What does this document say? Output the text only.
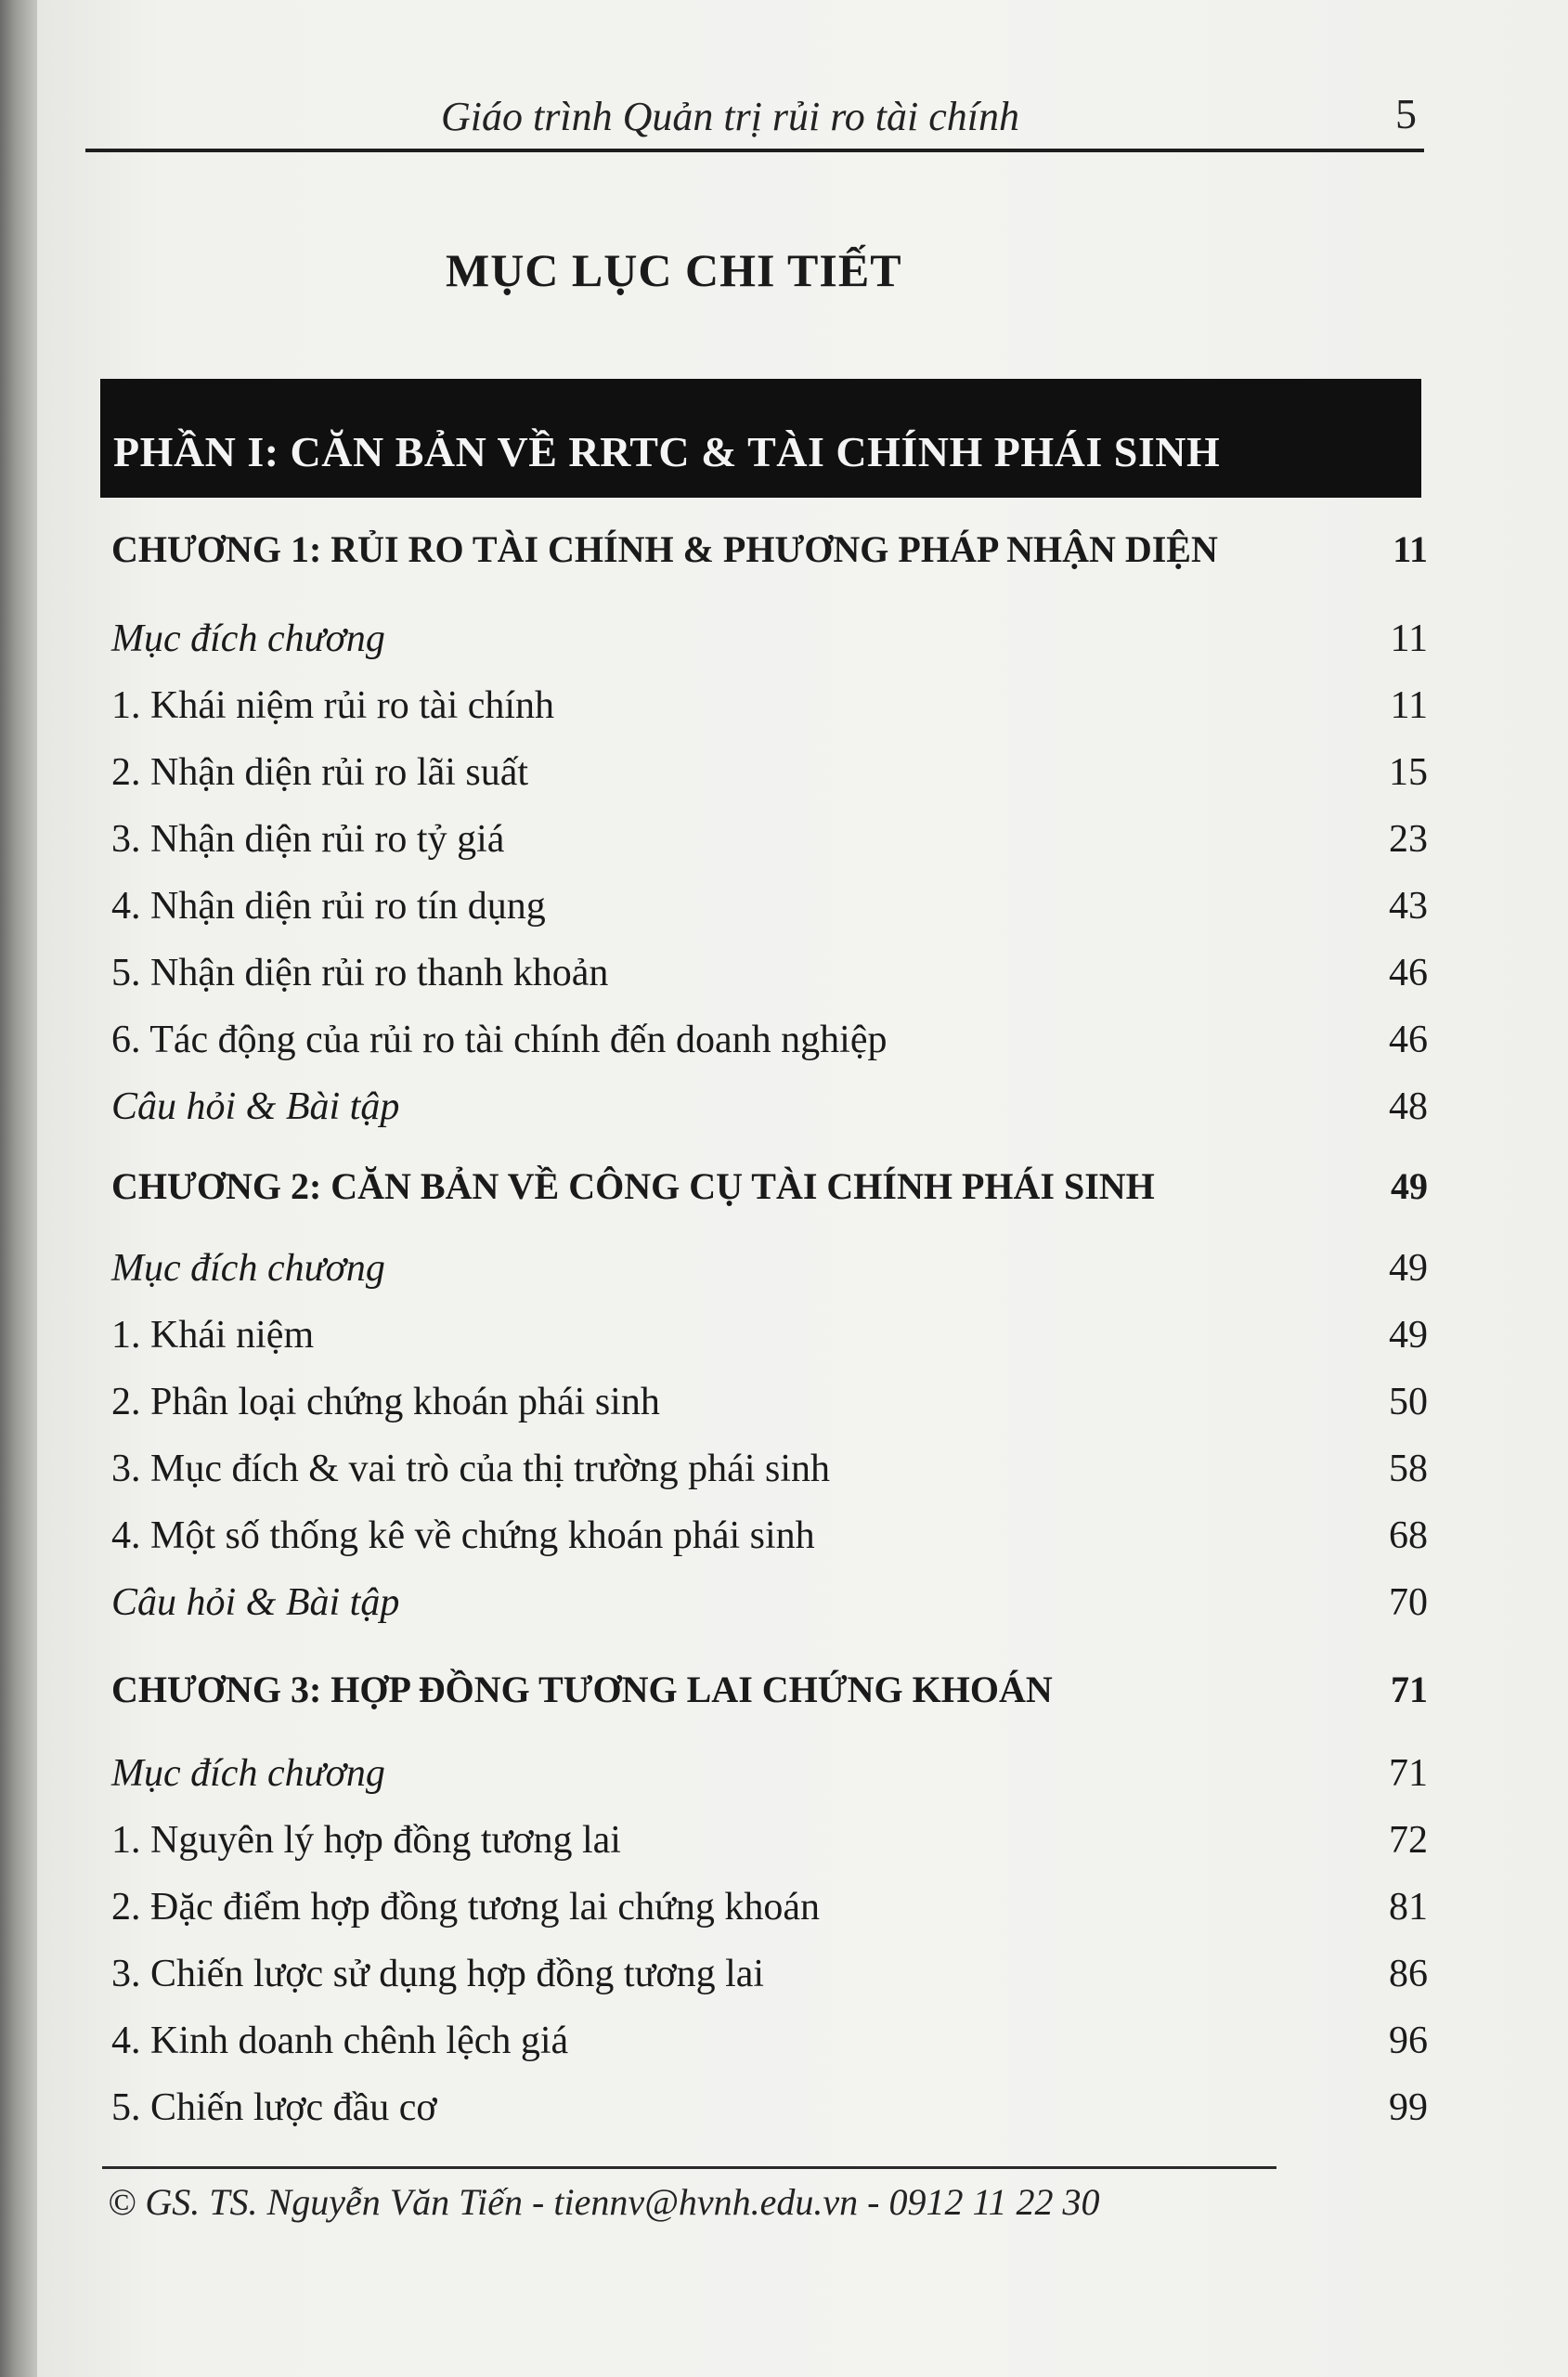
Giáo trình Quản trị rủi ro tài chính	5
MỤC LỤC CHI TIẾT
PHẦN I: CĂN BẢN VỀ RRTC & TÀI CHÍNH PHÁI SINH
CHƯƠNG 1: RỦI RO TÀI CHÍNH & PHƯƠNG PHÁP NHẬN DIỆN	11
Mục đích chương	11
1. Khái niệm rủi ro tài chính	11
2. Nhận diện rủi ro lãi suất	15
3. Nhận diện rủi ro tỷ giá	23
4. Nhận diện rủi ro tín dụng	43
5. Nhận diện rủi ro thanh khoản	46
6. Tác động của rủi ro tài chính đến doanh nghiệp	46
Câu hỏi & Bài tập	48
CHƯƠNG 2: CĂN BẢN VỀ CÔNG CỤ TÀI CHÍNH PHÁI SINH	49
Mục đích chương	49
1. Khái niệm	49
2. Phân loại chứng khoán phái sinh	50
3. Mục đích & vai trò của thị trường phái sinh	58
4. Một số thống kê về chứng khoán phái sinh	68
Câu hỏi & Bài tập	70
CHƯƠNG 3: HỢP ĐỒNG TƯƠNG LAI CHỨNG KHOÁN	71
Mục đích chương	71
1. Nguyên lý hợp đồng tương lai	72
2. Đặc điểm hợp đồng tương lai chứng khoán	81
3. Chiến lược sử dụng hợp đồng tương lai	86
4. Kinh doanh chênh lệch giá	96
5. Chiến lược đầu cơ	99
© GS. TS. Nguyễn Văn Tiến - tiennv@hvnh.edu.vn - 0912 11 22 30
